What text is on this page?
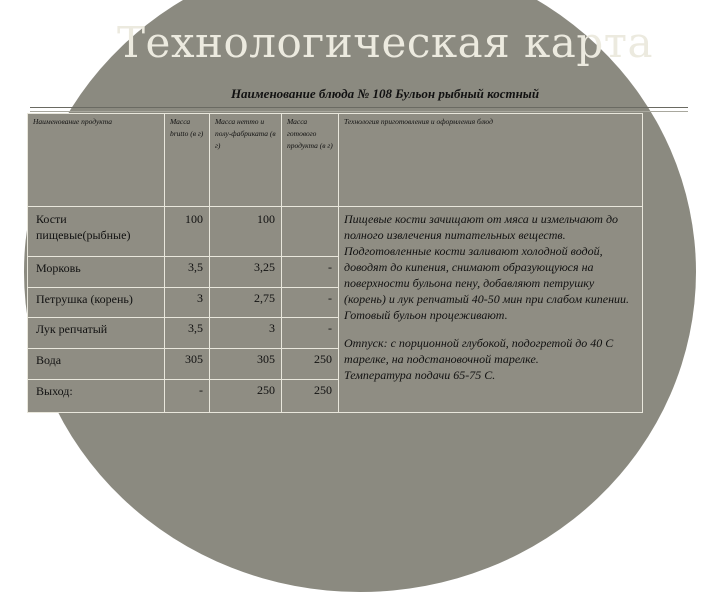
Технологическая карта
Наименование блюда № 108 Бульон рыбный костный
Наименование продукта	Масса brutto (в г)	Масса нетто и полу-фабриката (в г)	Масса готового продукта (в г)	Технология приготовления и оформления блюд
Кости пищевые(рыбные)	100	100		Пищевые кости зачищают от мяса и измельчают до полного извлечения питательных веществ. Подготовленные кости заливают холодной водой, доводят до кипения, снимают образующуюся на поверхности бульона пену, добавляют петрушку (корень) и лук репчатый 40-50 мин при слабом кипении. Готовый бульон процеживают.

Отпуск: с порционной глубокой, подогретой до 40 С тарелке, на подстановочной тарелке.

Температура подачи 65-75 С.

Морковь	3,5	3,25	-	
Петрушка (корень)	3	2,75	-	
Лук репчатый	3,5	3	-	
Вода	305	305	250	
Выход:	-	250	250	
